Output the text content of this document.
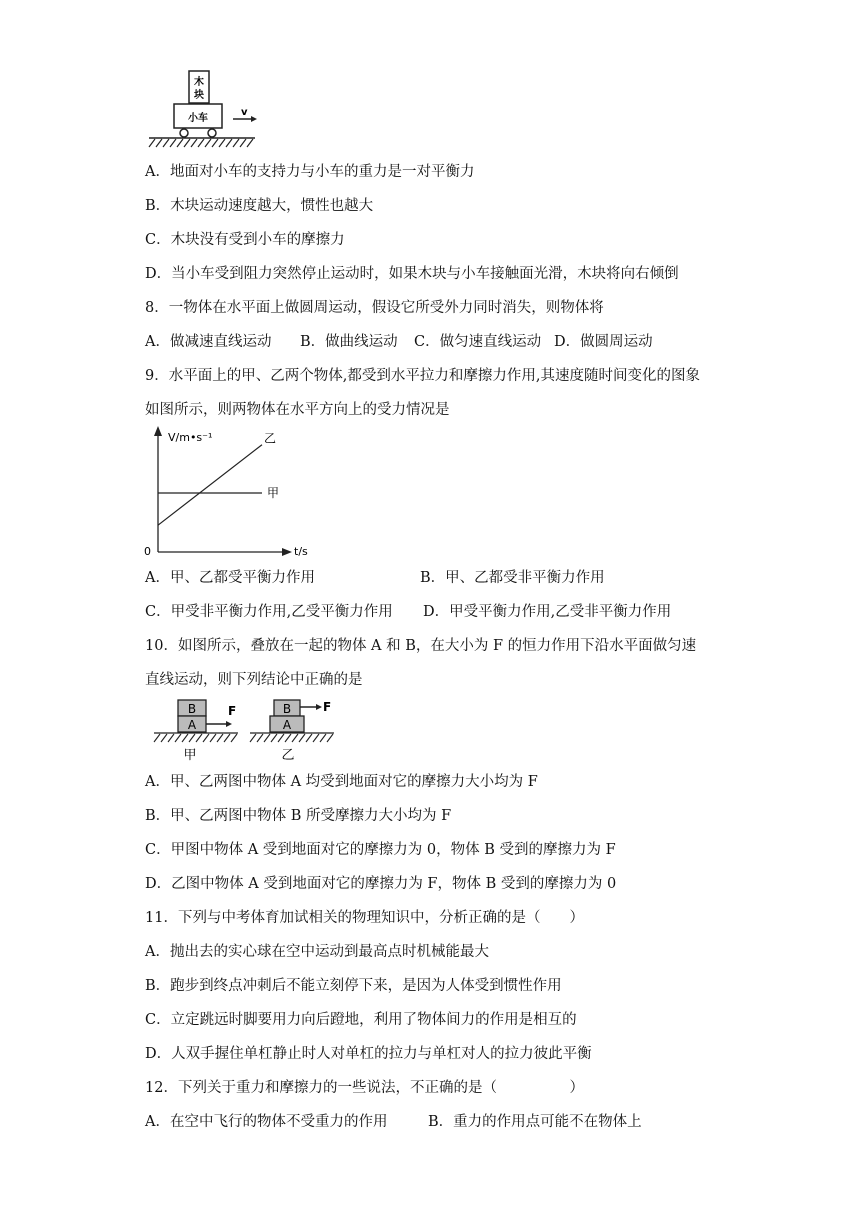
木
块
小车
v
A．地面对小车的支持力与小车的重力是一对平衡力
B．木块运动速度越大，惯性也越大
C．木块没有受到小车的摩擦力
D．当小车受到阻力突然停止运动时，如果木块与小车接触面光滑，木块将向右倾倒
8．一物体在水平面上做圆周运动，假设它所受外力同时消失，则物体将
A．做减速直线运动 B．做曲线运动 C．做匀速直线运动 D．做圆周运动
9．水平面上的甲、乙两个物体,都受到水平拉力和摩擦力作用,其速度随时间变化的图象
如图所示，则两物体在水平方向上的受力情况是
V/m•s⁻¹
t/s
0
乙
甲
A．甲、乙都受平衡力作用	B．甲、乙都受非平衡力作用
C．甲受非平衡力作用,乙受平衡力作用 D．甲受平衡力作用,乙受非平衡力作用
10．如图所示，叠放在一起的物体 A 和 B，在大小为 F 的恒力作用下沿水平面做匀速
直线运动，则下列结论中正确的是
B
A
F
甲
B
A
F
乙
A．甲、乙两图中物体 A 均受到地面对它的摩擦力大小均为 F
B．甲、乙两图中物体 B 所受摩擦力大小均为 F
C．甲图中物体 A 受到地面对它的摩擦力为 0，物体 B 受到的摩擦力为 F
D．乙图中物体 A 受到地面对它的摩擦力为 F，物体 B 受到的摩擦力为 0
11．下列与中考体育加试相关的物理知识中，分析正确的是（　　）
A．抛出去的实心球在空中运动到最高点时机械能最大
B．跑步到终点冲刺后不能立刻停下来，是因为人体受到惯性作用
C．立定跳远时脚要用力向后蹬地，利用了物体间力的作用是相互的
D．人双手握住单杠静止时人对单杠的拉力与单杠对人的拉力彼此平衡
12．下列关于重力和摩擦力的一些说法，不正确的是（　　　　　）
A．在空中飞行的物体不受重力的作用	B．重力的作用点可能不在物体上
